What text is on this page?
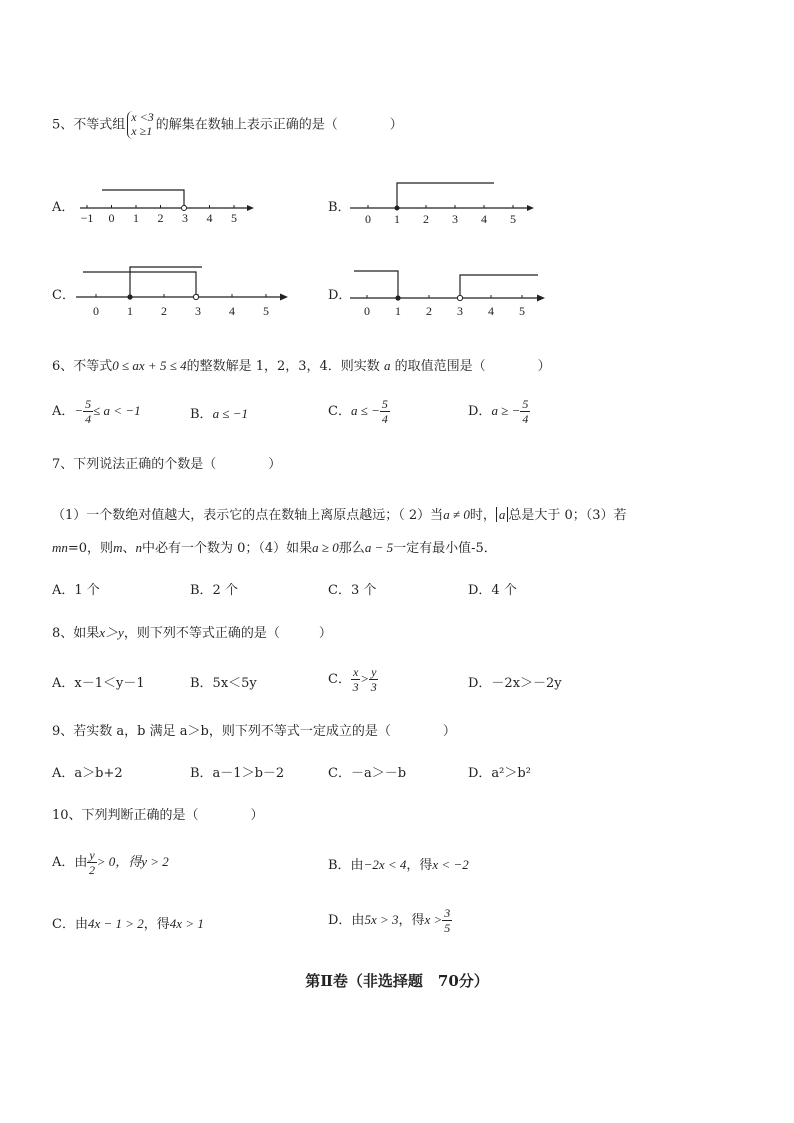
5、不等式组
x <3
x ≥1 的解集在数轴上表示正确的是（　　　　）
A．
−1 0 1 2 3 4 5
B．
0 1 2 3 4 5
C．
0 1 2 3 4 5
D．
0 1 2 3 4 5
6、不等式0 ≤ ax + 5 ≤ 4的整数解是 1，2，3，4．则实数 a 的取值范围是（　　　　）
A．− $\frac{5}{4} \le a < -1$	B．a ≤ −1	C．a ≤ − $\frac{5}{4}$	D．a ≥ − $\frac{5}{4}$
7、下列说法正确的个数是（　　　　）
（1）一个数绝对值越大，表示它的点在数轴上离原点越远；（ 2）当a ≠ 0时， a 总是大于 0；（3）若
mn=0，则m、n中必有一个数为 0；（4）如果a ≥ 0那么a − 5一定有最小值-5．
A．1 个	B．2 个	C．3 个	D．4 个
8、如果x＞y，则下列不等式正确的是（　　　）
A．x－1＜y－1	B．5x＜5y	C． $\frac{x}{3} > \frac{y}{3}$	D．－2x＞－2y
9、若实数 a，b 满足 a＞b，则下列不等式一定成立的是（　　　　）
A．a＞b+2	B．a－1＞b－2	C．－a＞－b	D．a²＞b²
10、下列判断正确的是（　　　　）
A．由 $\frac{y}{2} > 0$，得y > 2	B．由−2x < 4，得x < −2
C．由4x − 1 > 2，得4x > 1	D．由5x > 3，得$x > \frac{3}{5}$
第Ⅱ卷（非选择题　70分）
